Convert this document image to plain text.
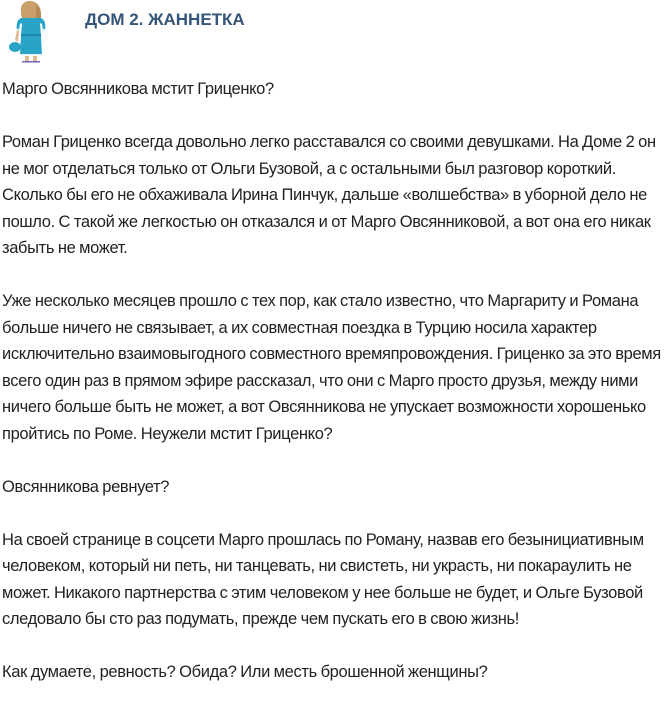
ДОМ 2. ЖАННЕТКА

Марго Овсянникова мстит Гриценко?

Роман Гриценко всегда довольно легко расставался со своими девушками. На Доме 2 он не мог отделаться только от Ольги Бузовой, а с остальными был разговор короткий. Сколько бы его не обхаживала Ирина Пинчук, дальше «волшебства» в уборной дело не пошло. С такой же легкостью он отказался и от Марго Овсянниковой, а вот она его никак забыть не может.

Уже несколько месяцев прошло с тех пор, как стало известно, что Маргариту и Романа больше ничего не связывает, а их совместная поездка в Турцию носила характер исключительно взаимовыгодного совместного времяпровождения. Гриценко за это время всего один раз в прямом эфире рассказал, что они с Марго просто друзья, между ними ничего больше быть не может, а вот Овсянникова не упускает возможности хорошенько пройтись по Роме. Неужели мстит Гриценко?

Овсянникова ревнует?

На своей странице в соцсети Марго прошлась по Роману, назвав его безынициативным человеком, который ни петь, ни танцевать, ни свистеть, ни украсть, ни покараулить не может. Никакого партнерства с этим человеком у нее больше не будет, и Ольге Бузовой следовало бы сто раз подумать, прежде чем пускать его в свою жизнь!

Как думаете, ревность? Обида? Или месть брошенной женщины?
